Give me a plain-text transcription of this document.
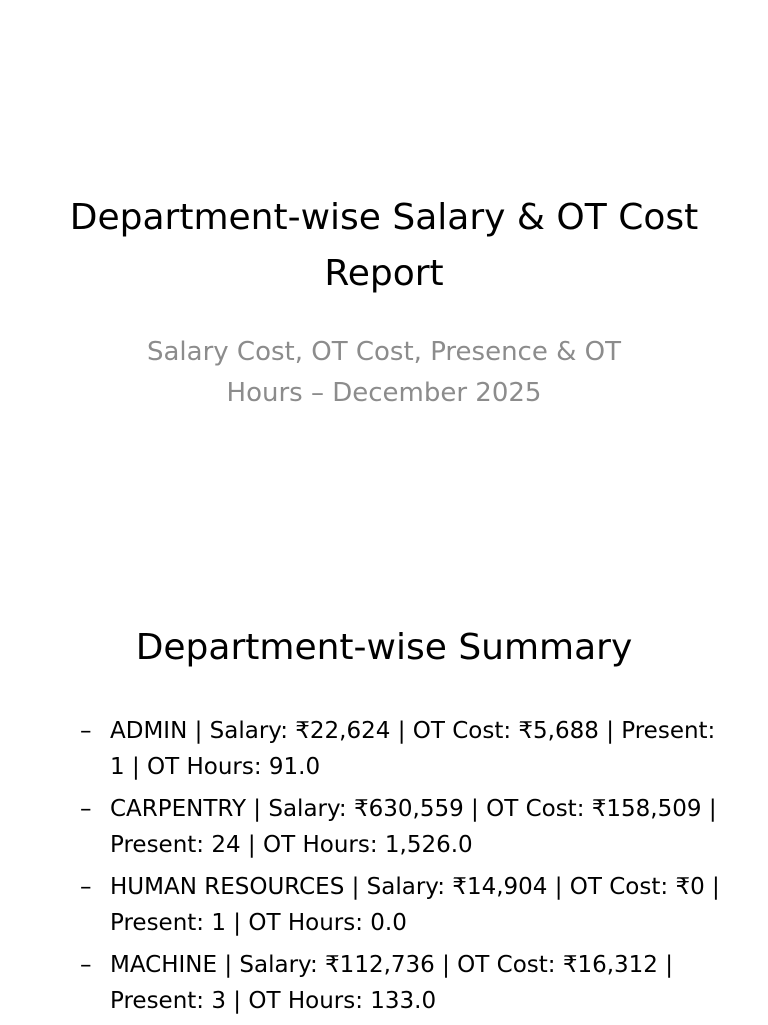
Department-wise Salary & OT Cost Report

Salary Cost, OT Cost, Presence & OT Hours – December 2025

Department-wise Summary
– ADMIN | Salary: ₹22,624 | OT Cost: ₹5,688 | Present: 1 | OT Hours: 91.0
– CARPENTRY | Salary: ₹630,559 | OT Cost: ₹158,509 | Present: 24 | OT Hours: 1,526.0
– HUMAN RESOURCES | Salary: ₹14,904 | OT Cost: ₹0 | Present: 1 | OT Hours: 0.0
– MACHINE | Salary: ₹112,736 | OT Cost: ₹16,312 | Present: 3 | OT Hours: 133.0
